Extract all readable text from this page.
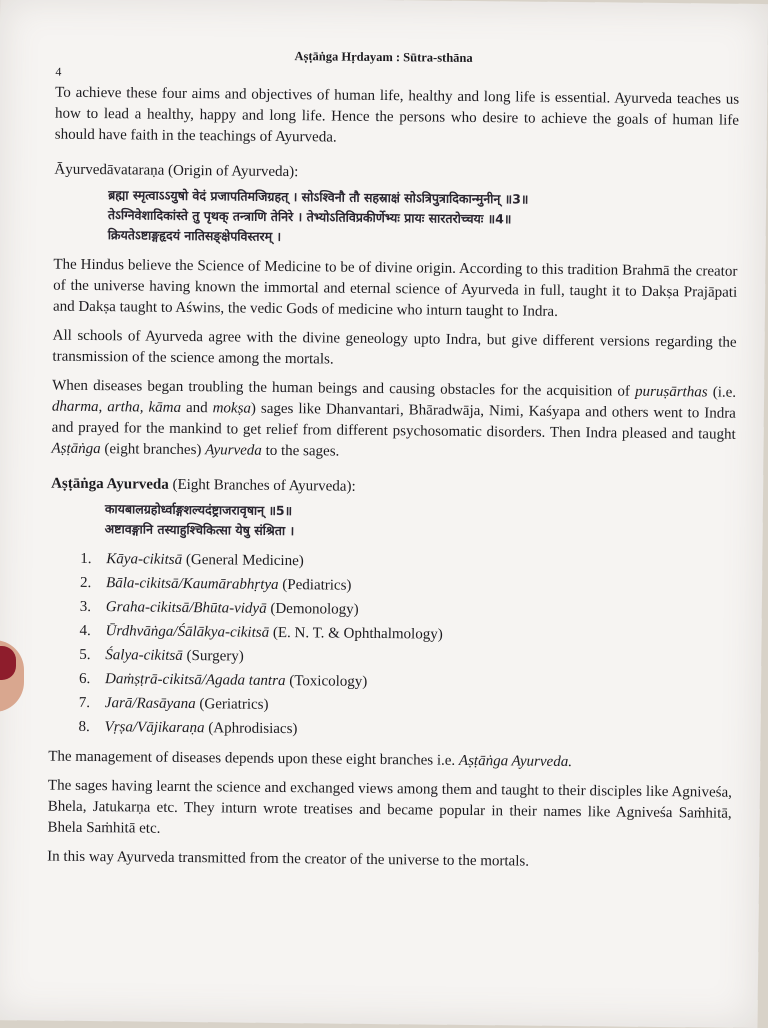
Aṣṭāṅga Hṛdayam : Sūtra-sthāna
4

To achieve these four aims and objectives of human life, healthy and long life is essential. Ayurveda teaches us how to lead a healthy, happy and long life. Hence the persons who desire to achieve the goals of human life should have faith in the teachings of Ayurveda.

Āyurvedāvataraṇa (Origin of Ayurveda):
ब्रह्मा स्मृत्वाऽऽयुषो वेदं प्रजापतिमजिग्रहत् । सोऽश्विनौ तौ सहस्राक्षं सोऽत्रिपुत्रादिकान्मुनीन् ॥3॥
तेऽग्निवेशादिकांस्ते तु पृथक् तन्त्राणि तेनिरे । तेभ्योऽतिविप्रकीर्णेभ्यः प्रायः सारतरोच्चयः ॥4॥
क्रियतेऽष्टाङ्गहृदयं नातिसङ्क्षेपविस्तरम् ।

The Hindus believe the Science of Medicine to be of divine origin. According to this tradition Brahmā the creator of the universe having known the immortal and eternal science of Ayurveda in full, taught it to Dakṣa Prajāpati and Dakṣa taught to Aświns, the vedic Gods of medicine who inturn taught to Indra.

All schools of Ayurveda agree with the divine geneology upto Indra, but give different versions regarding the transmission of the science among the mortals.

When diseases began troubling the human beings and causing obstacles for the acquisition of puruṣārthas (i.e. dharma, artha, kāma and mokṣa) sages like Dhanvantari, Bhāradwāja, Nimi, Kaśyapa and others went to Indra and prayed for the mankind to get relief from different psychosomatic disorders. Then Indra pleased and taught Aṣṭāṅga (eight branches) Ayurveda to the sages.

Aṣṭāṅga Ayurveda (Eight Branches of Ayurveda):
कायबालग्रहोर्ध्वाङ्गशल्यदंष्ट्राजरावृषान् ॥5॥
अष्टावङ्गानि तस्याहुश्चिकित्सा येषु संश्रिता ।
1. Kāya-cikitsā (General Medicine)
2. Bāla-cikitsā/Kaumārabhṛtya (Pediatrics)
3. Graha-cikitsā/Bhūta-vidyā (Demonology)
4. Ūrdhvāṅga/Śālākya-cikitsā (E. N. T. & Ophthalmology)
5. Śalya-cikitsā (Surgery)
6. Daṁṣṭrā-cikitsā/Agada tantra (Toxicology)
7. Jarā/Rasāyana (Geriatrics)
8. Vṛṣa/Vājikaraṇa (Aphrodisiacs)

The management of diseases depends upon these eight branches i.e. Aṣṭāṅga Ayurveda.

The sages having learnt the science and exchanged views among them and taught to their disciples like Agniveśa, Bhela, Jatukarṇa etc. They inturn wrote treatises and became popular in their names like Agniveśa Saṁhitā, Bhela Saṁhitā etc.

In this way Ayurveda transmitted from the creator of the universe to the mortals.
